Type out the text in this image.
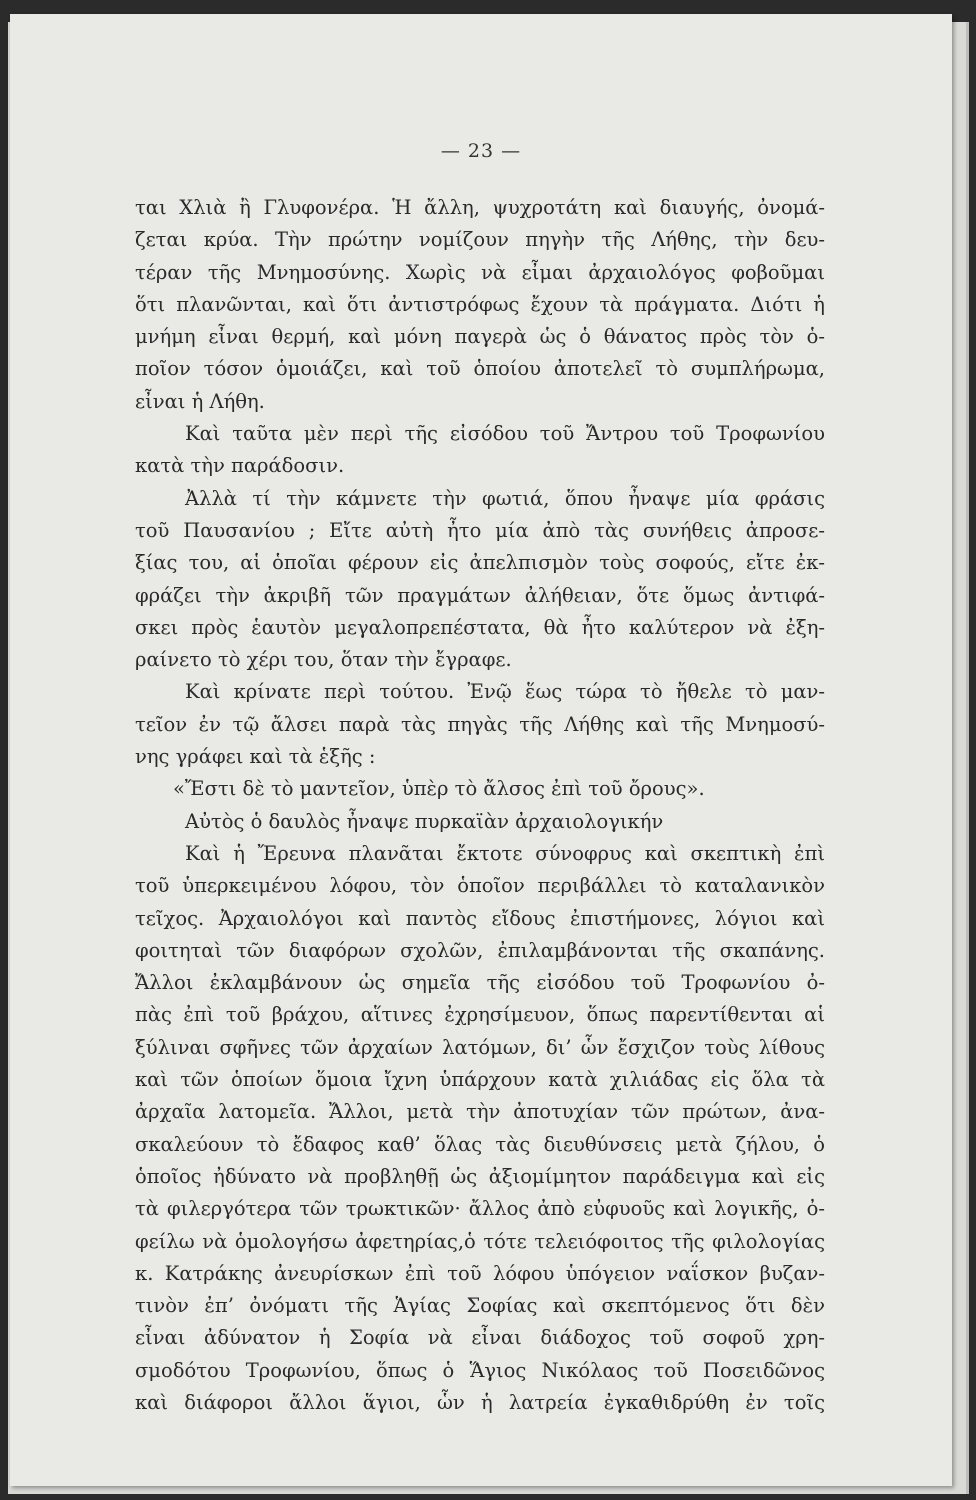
— 23 —
ται Χλιὰ ἢ Γλυφονέρα. Ἡ ἄλλη, ψυχροτάτη καὶ διαυγής, ὀνομά-
ζεται κρύα. Τὴν πρώτην νομίζουν πηγὴν τῆς Λήθης, τὴν δευ-
τέραν τῆς Μνημοσύνης. Χωρὶς νὰ εἶμαι ἀρχαιολόγος φοβοῦμαι
ὅτι πλανῶνται, καὶ ὅτι ἀντιστρόφως ἔχουν τὰ πράγματα. Διότι ἡ
μνήμη εἶναι θερμή, καὶ μόνη παγερὰ ὡς ὁ θάνατος πρὸς τὸν ὁ-
ποῖον τόσον ὁμοιάζει, καὶ τοῦ ὁποίου ἀποτελεῖ τὸ συμπλήρωμα,
εἶναι ἡ Λήθη.
Καὶ ταῦτα μὲν περὶ τῆς εἰσόδου τοῦ Ἄντρου τοῦ Τροφωνίου
κατὰ τὴν παράδοσιν.
Ἀλλὰ τί τὴν κάμνετε τὴν φωτιά, ὅπου ἦναψε μία φράσις
τοῦ Παυσανίου ; Εἴτε αὐτὴ ἦτο μία ἀπὸ τὰς συνήθεις ἀπροσε-
ξίας του, αἱ ὁποῖαι φέρουν εἰς ἀπελπισμὸν τοὺς σοφούς, εἴτε ἐκ-
φράζει τὴν ἀκριβῆ τῶν πραγμάτων ἀλήθειαν, ὅτε ὅμως ἀντιφά-
σκει πρὸς ἑαυτὸν μεγαλοπρεπέστατα, θὰ ἦτο καλύτερον νὰ ἐξη-
ραίνετο τὸ χέρι του, ὅταν τὴν ἔγραφε.
Καὶ κρίνατε περὶ τούτου. Ἐνῷ ἕως τώρα τὸ ἤθελε τὸ μαν-
τεῖον ἐν τῷ ἄλσει παρὰ τὰς πηγὰς τῆς Λήθης καὶ τῆς Μνημοσύ-
νης γράφει καὶ τὰ ἑξῆς :
«Ἔστι δὲ τὸ μαντεῖον, ὑπὲρ τὸ ἄλσος ἐπὶ τοῦ ὄρους».
Αὐτὸς ὁ δαυλὸς ἦναψε πυρκαϊὰν ἀρχαιολογικήν
Καὶ ἡ Ἔρευνα πλανᾶται ἔκτοτε σύνοφρυς καὶ σκεπτικὴ ἐπὶ
τοῦ ὑπερκειμένου λόφου, τὸν ὁποῖον περιβάλλει τὸ καταλανικὸν
τεῖχος. Ἀρχαιολόγοι καὶ παντὸς εἴδους ἐπιστήμονες, λόγιοι καὶ
φοιτηταὶ τῶν διαφόρων σχολῶν, ἐπιλαμβάνονται τῆς σκαπάνης.
Ἄλλοι ἐκλαμβάνουν ὡς σημεῖα τῆς εἰσόδου τοῦ Τροφωνίου ὀ-
πὰς ἐπὶ τοῦ βράχου, αἵτινες ἐχρησίμευον, ὅπως παρεντίθενται αἱ
ξύλιναι σφῆνες τῶν ἀρχαίων λατόμων, δι’ ὧν ἔσχιζον τοὺς λίθους
καὶ τῶν ὁποίων ὅμοια ἴχνη ὑπάρχουν κατὰ χιλιάδας εἰς ὅλα τὰ
ἀρχαῖα λατομεῖα. Ἄλλοι, μετὰ τὴν ἀποτυχίαν τῶν πρώτων, ἀνα-
σκαλεύουν τὸ ἔδαφος καθ’ ὅλας τὰς διευθύνσεις μετὰ ζήλου, ὁ
ὁποῖος ἠδύνατο νὰ προβληθῇ ὡς ἀξιομίμητον παράδειγμα καὶ εἰς
τὰ φιλεργότερα τῶν τρωκτικῶν· ἄλλος ἀπὸ εὐφυοῦς καὶ λογικῆς, ὀ-
φείλω νὰ ὁμολογήσω ἀφετηρίας,ὁ τότε τελειόφοιτος τῆς φιλολογίας
κ. Κατράκης ἀνευρίσκων ἐπὶ τοῦ λόφου ὑπόγειον ναΐσκον βυζαν-
τινὸν ἐπ’ ὀνόματι τῆς Ἁγίας Σοφίας καὶ σκεπτόμενος ὅτι δὲν
εἶναι ἀδύνατον ἡ Σοφία νὰ εἶναι διάδοχος τοῦ σοφοῦ χρη-
σμοδότου Τροφωνίου, ὅπως ὁ Ἅγιος Νικόλαος τοῦ Ποσειδῶνος
καὶ διάφοροι ἄλλοι ἅγιοι, ὧν ἡ λατρεία ἐγκαθιδρύθη ἐν τοῖς
